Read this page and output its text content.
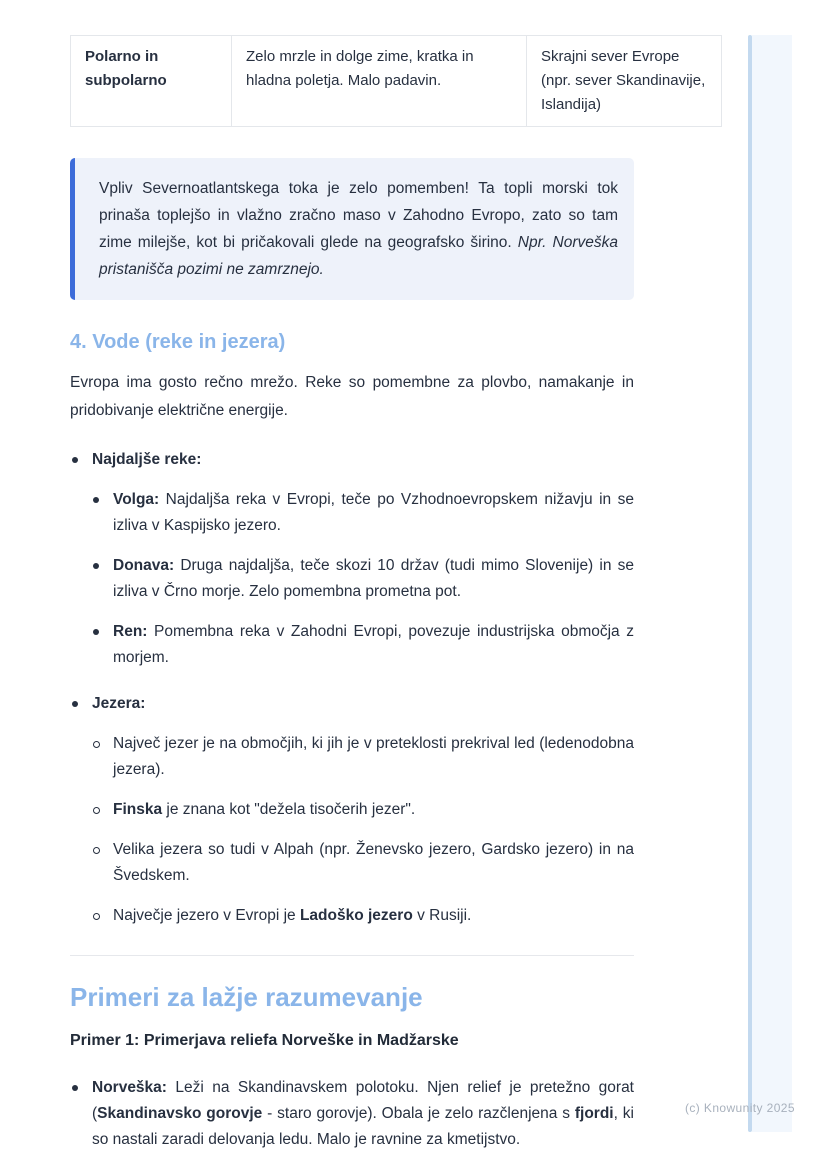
Polarno in subpolarno	Zelo mrzle in dolge zime, kratka in hladna poletja. Malo padavin.	Skrajni sever Evrope (npr. sever Skandinavije, Islandija)
Vpliv Severnoatlantskega toka je zelo pomemben! Ta topli morski tok prinaša toplejšo in vlažno zračno maso v Zahodno Evropo, zato so tam zime milejše, kot bi pričakovali glede na geografsko širino. Npr. Norveška pristanišča pozimi ne zamrznejo.
4. Vode (reke in jezera)

Evropa ima gosto rečno mrežo. Reke so pomembne za plovbo, namakanje in pridobivanje električne energije.

Najdaljše reke:
Volga: Najdaljša reka v Evropi, teče po Vzhodnoevropskem nižavju in se izliva v Kaspijsko jezero.
Donava: Druga najdaljša, teče skozi 10 držav (tudi mimo Slovenije) in se izliva v Črno morje. Zelo pomembna prometna pot.
Ren: Pomembna reka v Zahodni Evropi, povezuje industrijska območja z morjem.
Jezera:
Največ jezer je na območjih, ki jih je v preteklosti prekrival led (ledenodobna jezera).
Finska je znana kot "dežela tisočerih jezer".
Velika jezera so tudi v Alpah (npr. Ženevsko jezero, Gardsko jezero) in na Švedskem.
Največje jezero v Evropi je Ladoško jezero v Rusiji.
Primeri za lažje razumevanje
Primer 1: Primerjava reliefa Norveške in Madžarske
Norveška: Leži na Skandinavskem polotoku. Njen relief je pretežno gorat (Skandinavsko gorovje - staro gorovje). Obala je zelo razčlenjena s fjordi, ki so nastali zaradi delovanja ledu. Malo je ravnine za kmetijstvo.
(c) Knowunity 2025
